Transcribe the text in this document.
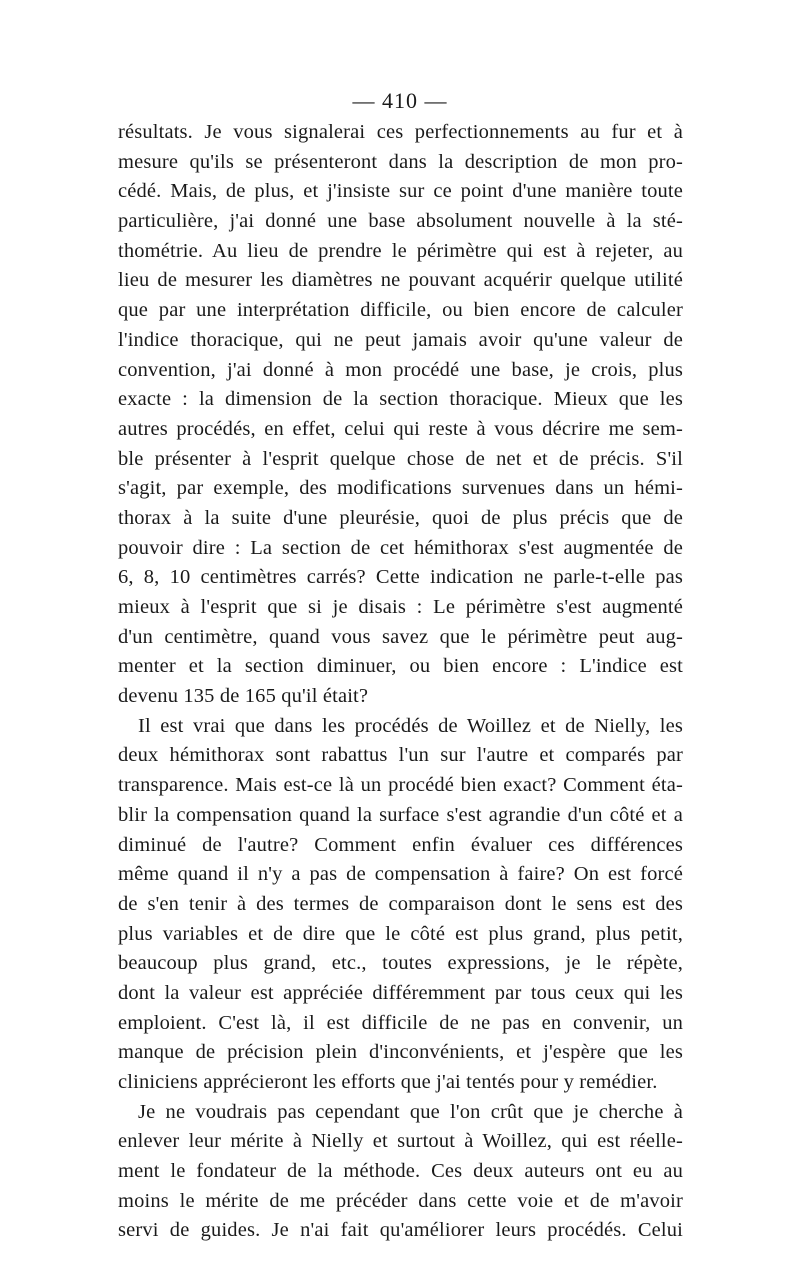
— 410 —
résultats. Je vous signalerai ces perfectionnements au fur et à
mesure qu'ils se présenteront dans la description de mon pro-
cédé. Mais, de plus, et j'insiste sur ce point d'une manière toute
particulière, j'ai donné une base absolument nouvelle à la sté-
thométrie. Au lieu de prendre le périmètre qui est à rejeter, au
lieu de mesurer les diamètres ne pouvant acquérir quelque utilité
que par une interprétation difficile, ou bien encore de calculer
l'indice thoracique, qui ne peut jamais avoir qu'une valeur de
convention, j'ai donné à mon procédé une base, je crois, plus
exacte : la dimension de la section thoracique. Mieux que les
autres procédés, en effet, celui qui reste à vous décrire me sem-
ble présenter à l'esprit quelque chose de net et de précis. S'il
s'agit, par exemple, des modifications survenues dans un hémi-
thorax à la suite d'une pleurésie, quoi de plus précis que de
pouvoir dire : La section de cet hémithorax s'est augmentée de
6, 8, 10 centimètres carrés? Cette indication ne parle-t-elle pas
mieux à l'esprit que si je disais : Le périmètre s'est augmenté
d'un centimètre, quand vous savez que le périmètre peut aug-
menter et la section diminuer, ou bien encore : L'indice est
devenu 135 de 165 qu'il était?
Il est vrai que dans les procédés de Woillez et de Nielly, les
deux hémithorax sont rabattus l'un sur l'autre et comparés par
transparence. Mais est-ce là un procédé bien exact? Comment éta-
blir la compensation quand la surface s'est agrandie d'un côté et a
diminué de l'autre? Comment enfin évaluer ces différences
même quand il n'y a pas de compensation à faire? On est forcé
de s'en tenir à des termes de comparaison dont le sens est des
plus variables et de dire que le côté est plus grand, plus petit,
beaucoup plus grand, etc., toutes expressions, je le répète,
dont la valeur est appréciée différemment par tous ceux qui les
emploient. C'est là, il est difficile de ne pas en convenir, un
manque de précision plein d'inconvénients, et j'espère que les
cliniciens apprécieront les efforts que j'ai tentés pour y remédier.
Je ne voudrais pas cependant que l'on crût que je cherche à
enlever leur mérite à Nielly et surtout à Woillez, qui est réelle-
ment le fondateur de la méthode. Ces deux auteurs ont eu au
moins le mérite de me précéder dans cette voie et de m'avoir
servi de guides. Je n'ai fait qu'améliorer leurs procédés. Celui
